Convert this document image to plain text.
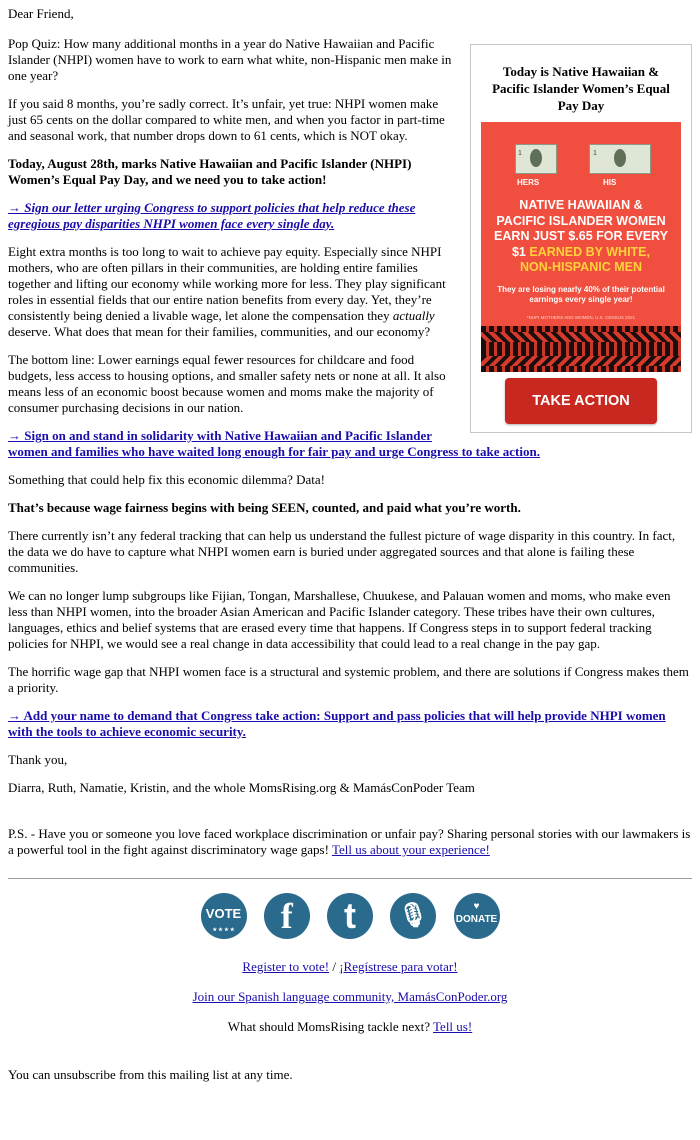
Dear Friend,

Today is Native Hawaiian & Pacific Islander Women’s Equal Pay Day
1	1
HERS	HIS
NATIVE HAWAIIAN &
PACIFIC ISLANDER WOMEN
EARN JUST $.65 FOR EVERY
$1 EARNED BY WHITE,
NON-HISPANIC MEN
They are losing nearly 40% of their potential earnings every single year!
*NHPI MOTHERS AND WOMEN, U.S. CENSUS 2021
TAKE ACTION

Pop Quiz: How many additional months in a year do Native Hawaiian and Pacific Islander (NHPI) women have to work to earn what white, non-Hispanic men make in one year?

If you said 8 months, you’re sadly correct. It’s unfair, yet true: NHPI women make just 65 cents on the dollar compared to white men, and when you factor in part-time and seasonal work, that number drops down to 61 cents, which is NOT okay.

Today, August 28th, marks Native Hawaiian and Pacific Islander (NHPI) Women’s Equal Pay Day, and we need you to take action!

→ Sign our letter urging Congress to support policies that help reduce these egregious pay disparities NHPI women face every single day.

Eight extra months is too long to wait to achieve pay equity. Especially since NHPI mothers, who are often pillars in their communities, are holding entire families together and lifting our economy while working more for less. They play significant roles in essential fields that our entire nation benefits from every day. Yet, they’re consistently being denied a livable wage, let alone the compensation they actually deserve. What does that mean for their families, communities, and our economy?

The bottom line: Lower earnings equal fewer resources for childcare and food budgets, less access to housing options, and smaller safety nets or none at all. It also means less of an economic boost because women and moms make the majority of consumer purchasing decisions in our nation.

→ Sign on and stand in solidarity with Native Hawaiian and Pacific Islander women and families who have waited long enough for fair pay and urge Congress to take action.

Something that could help fix this economic dilemma? Data!

That’s because wage fairness begins with being SEEN, counted, and paid what you’re worth.

There currently isn’t any federal tracking that can help us understand the fullest picture of wage disparity in this country. In fact, the data we do have to capture what NHPI women earn is buried under aggregated sources and that alone is failing these communities.

We can no longer lump subgroups like Fijian, Tongan, Marshallese, Chuukese, and Palauan women and moms, who make even less than NHPI women, into the broader Asian American and Pacific Islander category. These tribes have their own cultures, languages, ethics and belief systems that are erased every time that happens. If Congress steps in to support federal tracking policies for NHPI, we would see a real change in data accessibility that could lead to a real change in the pay gap.

The horrific wage gap that NHPI women face is a structural and systemic problem, and there are solutions if Congress makes them a priority.

→ Add your name to demand that Congress take action: Support and pass policies that will help provide NHPI women with the tools to achieve economic security.

Thank you,

Diarra, Ruth, Namatie, Kristin, and the whole MomsRising.org & MamásConPoder Team

P.S. - Have you or someone you love faced workplace discrimination or unfair pay? Sharing personal stories with our lawmakers is a powerful tool in the fight against discriminatory wage gaps! Tell us about your experience!

VOTE
★ ★ ★ ★
	f
	t
	🎙
	♥
DONATE

Register to vote! / ¡Regístrese para votar!

Join our Spanish language community, MamásConPoder.org

What should MomsRising tackle next? Tell us!

You can unsubscribe from this mailing list at any time.
